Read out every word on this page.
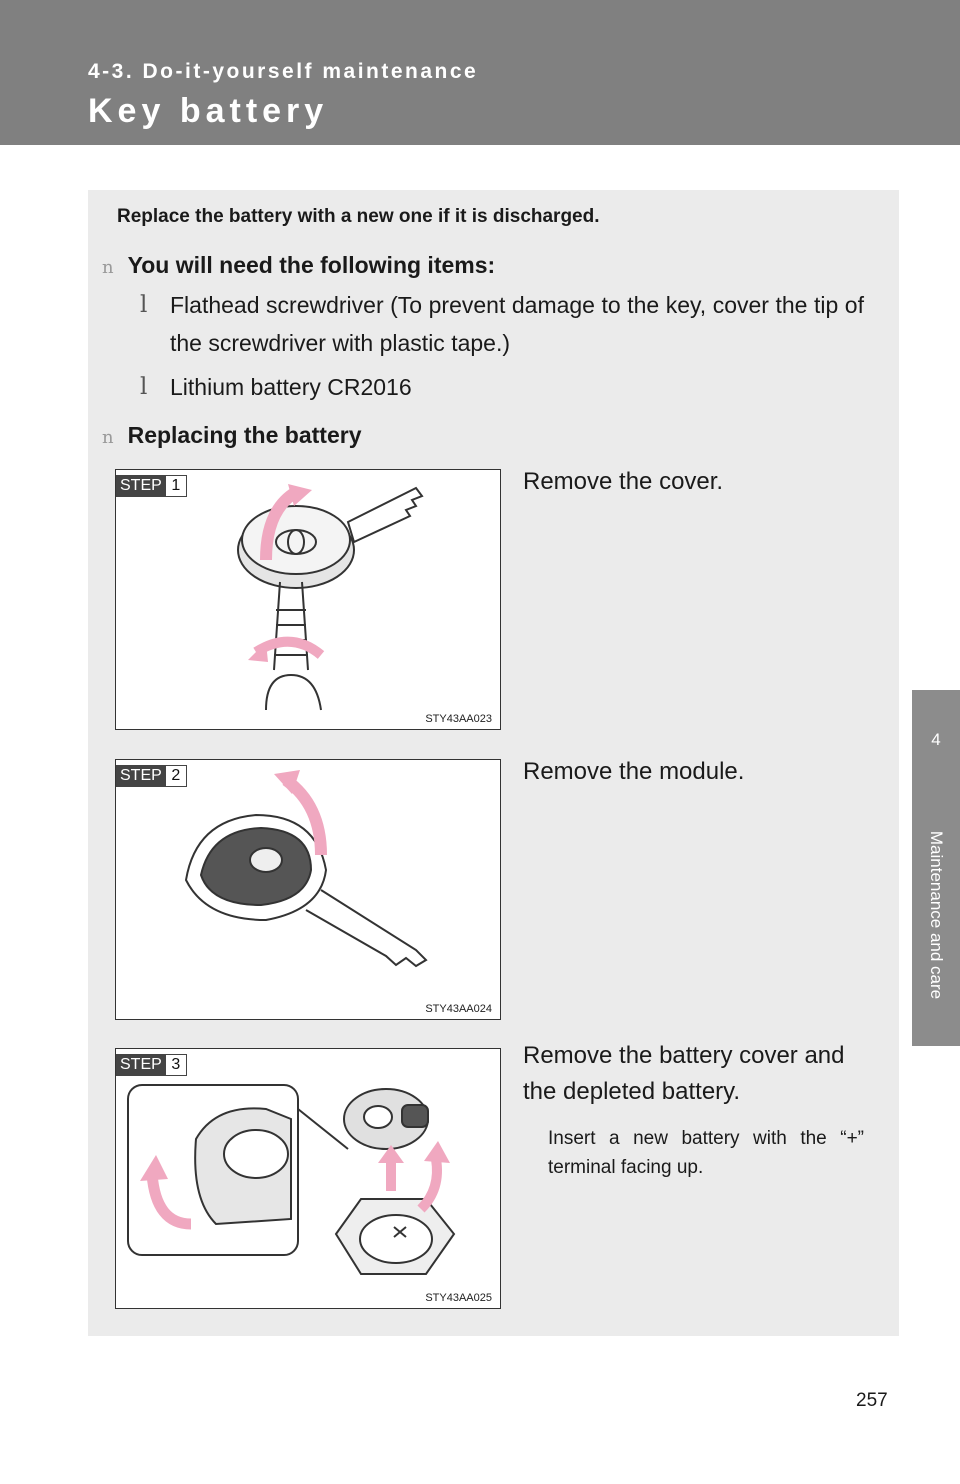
4-3. Do-it-yourself maintenance
Key battery
4
Maintenance and care
Replace the battery with a new one if it is discharged.
n You will need the following items:
l Flathead screwdriver (To prevent damage to the key, cover the tip of the screwdriver with plastic tape.)
l Lithium battery CR2016
n Replacing the battery
STEP 1
STY43AA023
Remove the cover.
STEP 2
STY43AA024
Remove the module.
STEP 3
STY43AA025
Remove the battery cover and the depleted battery.
Insert a new battery with the “+” terminal facing up.
257
